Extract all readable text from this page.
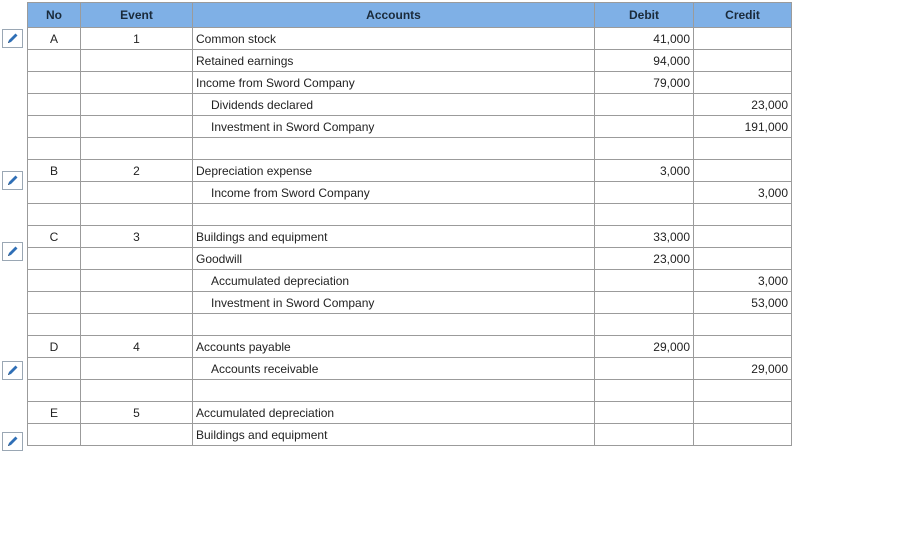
No	Event	Accounts	Debit	Credit
A	1	Common stock	41,000	
		Retained earnings	94,000	
		Income from Sword Company	79,000	
		Dividends declared		23,000
		Investment in Sword Company		191,000

B	2	Depreciation expense	3,000	
		Income from Sword Company		3,000

C	3	Buildings and equipment	33,000	
		Goodwill	23,000	
		Accumulated depreciation		3,000
		Investment in Sword Company		53,000

D	4	Accounts payable	29,000	
		Accounts receivable		29,000

E	5	Accumulated depreciation		
		Buildings and equipment		
